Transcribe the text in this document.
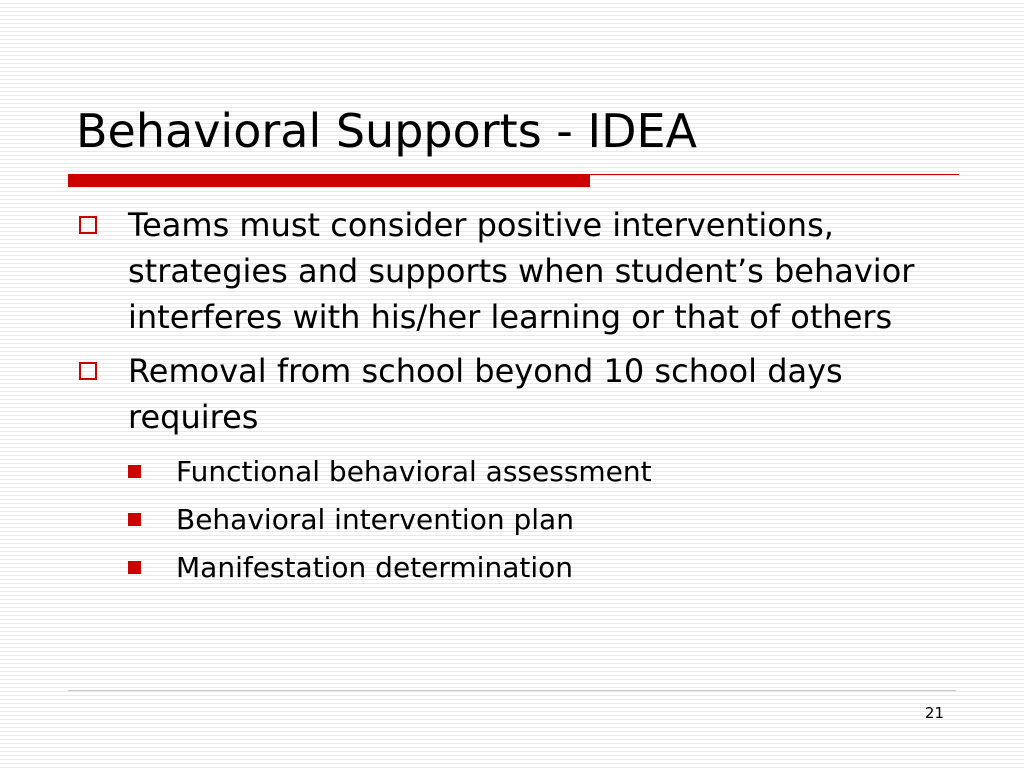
Behavioral Supports - IDEA
Teams must consider positive interventions, strategies and supports when student’s behavior interferes with his/her learning or that of others
Removal from school beyond 10 school days requires
Functional behavioral assessment
Behavioral intervention plan
Manifestation determination
21
